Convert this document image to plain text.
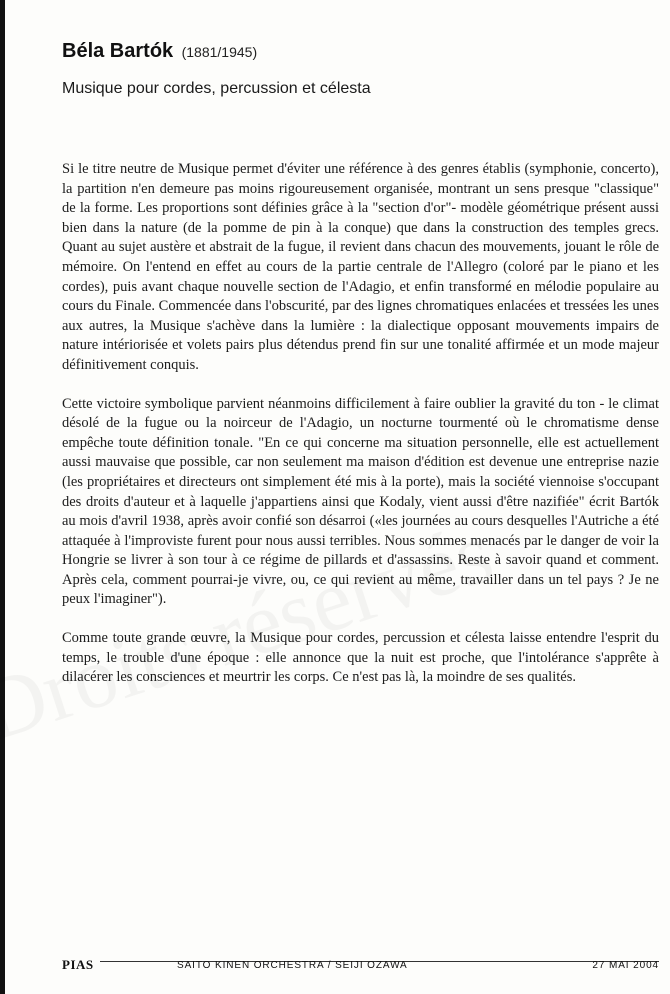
Béla Bartók (1881/1945)
Musique pour cordes, percussion et célesta

Si le titre neutre de Musique permet d'éviter une référence à des genres établis (symphonie, concerto), la partition n'en demeure pas moins rigoureusement organisée, montrant un sens presque "classique" de la forme. Les proportions sont définies grâce à la "section d'or"- modèle géométrique présent aussi bien dans la nature (de la pomme de pin à la conque) que dans la construction des temples grecs. Quant au sujet austère et abstrait de la fugue, il revient dans chacun des mouvements, jouant le rôle de mémoire. On l'entend en effet au cours de la partie centrale de l'Allegro (coloré par le piano et les cordes), puis avant chaque nouvelle section de l'Adagio, et enfin transformé en mélodie populaire au cours du Finale. Commencée dans l'obscurité, par des lignes chromatiques enlacées et tressées les unes aux autres, la Musique s'achève dans la lumière : la dialectique opposant mouvements impairs de nature intériorisée et volets pairs plus détendus prend fin sur une tonalité affirmée et un mode majeur définitivement conquis.

Cette victoire symbolique parvient néanmoins difficilement à faire oublier la gravité du ton - le climat désolé de la fugue ou la noirceur de l'Adagio, un nocturne tourmenté où le chromatisme dense empêche toute définition tonale. "En ce qui concerne ma situation personnelle, elle est actuellement aussi mauvaise que possible, car non seulement ma maison d'édition est devenue une entreprise nazie (les propriétaires et directeurs ont simplement été mis à la porte), mais la société viennoise s'occupant des droits d'auteur et à laquelle j'appartiens ainsi que Kodaly, vient aussi d'être nazifiée" écrit Bartók au mois d'avril 1938, après avoir confié son désarroi («les journées au cours desquelles l'Autriche a été attaquée à l'improviste furent pour nous aussi terribles. Nous sommes menacés par le danger de voir la Hongrie se livrer à son tour à ce régime de pillards et d'assassins. Reste à savoir quand et comment. Après cela, comment pourrai-je vivre, ou, ce qui revient au même, travailler dans un tel pays ? Je ne peux l'imaginer").

Comme toute grande œuvre, la Musique pour cordes, percussion et célesta laisse entendre l'esprit du temps, le trouble d'une époque : elle annonce que la nuit est proche, que l'intolérance s'apprête à dilacérer les consciences et meurtrir les corps. Ce n'est pas là, la moindre de ses qualités.

PIAS	SAITO KINEN ORCHESTRA / SEIJI OZAWA	27 MAI 2004
